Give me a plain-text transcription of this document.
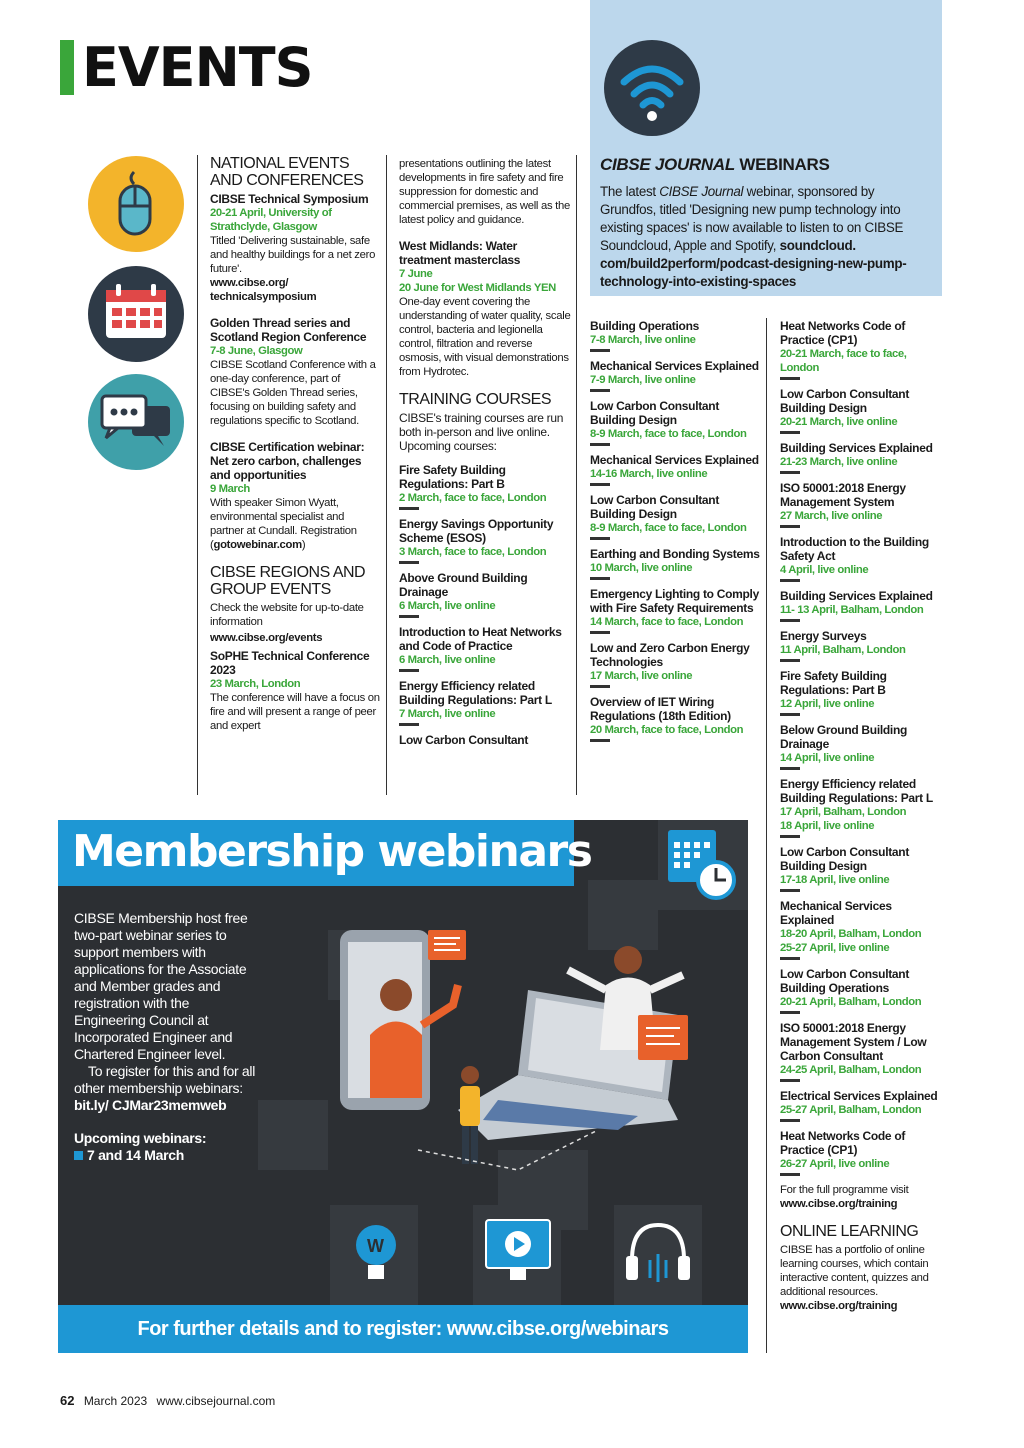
EVENTS
NATIONAL EVENTS AND CONFERENCES
CIBSE Technical Symposium
20-21 April, University of Strathclyde, Glasgow
Titled 'Delivering sustainable, safe and healthy buildings for a net zero future'.
www.cibse.org/ technicalsymposium
Golden Thread series and Scotland Region Conference
7-8 June, Glasgow
CIBSE Scotland Conference with a one-day conference, part of CIBSE's Golden Thread series, focusing on building safety and regulations specific to Scotland.
CIBSE Certification webinar: Net zero carbon, challenges and opportunities
9 March
With speaker Simon Wyatt, environmental specialist and partner at Cundall. Registration (gotowebinar.com)
CIBSE REGIONS AND GROUP EVENTS
Check the website for up-to-date information
www.cibse.org/events
SoPHE Technical Conference 2023
23 March, London
The conference will have a focus on fire and will present a range of peer and expert
presentations outlining the latest developments in fire safety and fire suppression for domestic and commercial premises, as well as the latest policy and guidance.
West Midlands: Water treatment masterclass
7 June
20 June for West Midlands YEN
One-day event covering the understanding of water quality, scale control, bacteria and legionella control, filtration and reverse osmosis, with visual demonstrations from Hydrotec.
TRAINING COURSES
CIBSE's training courses are run both in-person and live online. Upcoming courses:
Fire Safety Building Regulations: Part B
2 March, face to face, London
Energy Savings Opportunity Scheme (ESOS)
3 March, face to face, London
Above Ground Building Drainage
6 March, live online
Introduction to Heat Networks and Code of Practice
6 March, live online
Energy Efficiency related Building Regulations: Part L
7 March, live online
Low Carbon Consultant
CIBSE JOURNAL WEBINARS
The latest CIBSE Journal webinar, sponsored by Grundfos, titled 'Designing new pump technology into existing spaces' is now available to listen to on CIBSE Soundcloud, Apple and Spotify, soundcloud. com/build2perform/podcast-designing-new-pump-technology-into-existing-spaces
Building Operations
7-8 March, live online
Mechanical Services Explained
7-9 March, live online
Low Carbon Consultant Building Design
8-9 March, face to face, London
Mechanical Services Explained
14-16 March, live online
Low Carbon Consultant Building Design
8-9 March, face to face, London
Earthing and Bonding Systems
10 March, live online
Emergency Lighting to Comply with Fire Safety Requirements
14 March, face to face, London
Low and Zero Carbon Energy Technologies
17 March, live online
Overview of IET Wiring Regulations (18th Edition)
20 March, face to face, London
Heat Networks Code of Practice (CP1)
20-21 March, face to face, London
Low Carbon Consultant Building Design
20-21 March, live online
Building Services Explained
21-23 March, live online
ISO 50001:2018 Energy Management System
27 March, live online
Introduction to the Building Safety Act
4 April, live online
Building Services Explained
11- 13 April, Balham, London
Energy Surveys
11 April, Balham, London
Fire Safety Building Regulations: Part B
12 April, live online
Below Ground Building Drainage
14 April, live online
Energy Efficiency related Building Regulations: Part L
17 April, Balham, London
18 April, live online
Low Carbon Consultant Building Design
17-18 April, live online
Mechanical Services Explained
18-20 April, Balham, London
25-27 April, live online
Low Carbon Consultant Building Operations
20-21 April, Balham, London
ISO 50001:2018 Energy Management System / Low Carbon Consultant
24-25 April, Balham, London
Electrical Services Explained
25-27 April, Balham, London
Heat Networks Code of Practice (CP1)
26-27 April, live online
For the full programme visit
www.cibse.org/training
ONLINE LEARNING
CIBSE has a portfolio of online learning courses, which contain interactive content, quizzes and additional resources.
www.cibse.org/training
W
Membership webinars
CIBSE Membership host free two-part webinar series to support members with applications for the Associate and Member grades and registration with the Engineering Council at Incorporated Engineer and Chartered Engineer level.
To register for this and for all other membership webinars: bit.ly/ CJMar23memweb
Upcoming webinars:
7 and 14 March
For further details and to register: www.cibse.org/webinars
62 March 2023 www.cibsejournal.com
